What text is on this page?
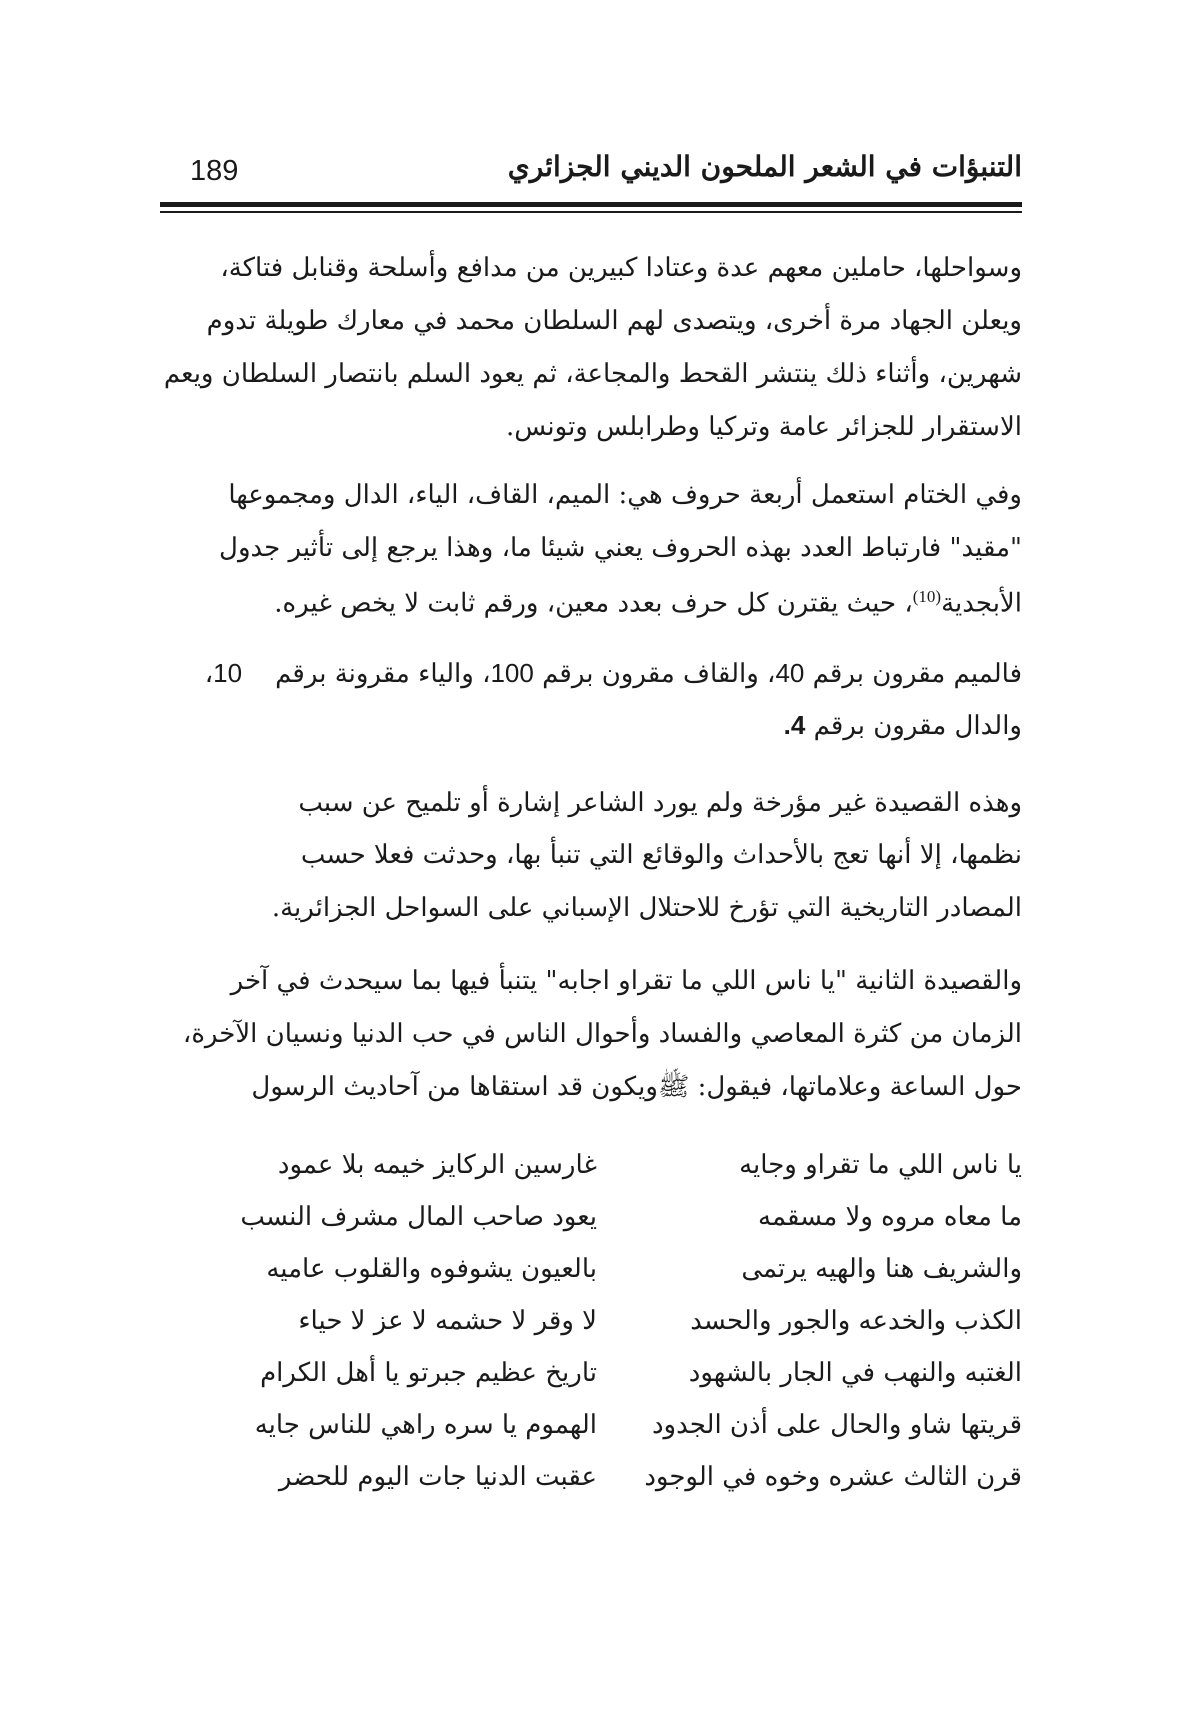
التنبؤات في الشعر الملحون الديني الجزائري
189
وسواحلها، حاملين معهم عدة وعتادا كبيرين من مدافع وأسلحة وقنابل فتاكة،
ويعلن الجهاد مرة أخرى، ويتصدى لهم السلطان محمد في معارك طويلة تدوم
شهرين، وأثناء ذلك ينتشر القحط والمجاعة، ثم يعود السلم بانتصار السلطان ويعم
الاستقرار للجزائر عامة وتركيا وطرابلس وتونس.
وفي الختام استعمل أربعة حروف هي: الميم، القاف، الياء، الدال ومجموعها
"مقيد" فارتباط العدد بهذه الحروف يعني شيئا ما، وهذا يرجع إلى تأثير جدول
الأبجدية$^{(10)}$، حيث يقترن كل حرف بعدد معين، ورقم ثابت لا يخص غيره.
فالميم مقرون برقم 40، والقاف مقرون برقم 100، والياء مقرونة برقم    10،
والدال مقرون برقم 4.
وهذه القصيدة غير مؤرخة ولم يورد الشاعر إشارة أو تلميح عن سبب
نظمها، إلا أنها تعج بالأحداث والوقائع التي تنبأ بها، وحدثت فعلا حسب
المصادر التاريخية التي تؤرخ للاحتلال الإسباني على السواحل الجزائرية.
والقصيدة الثانية "يا ناس اللي ما تقراو اجابه" يتنبأ فيها بما سيحدث في آخر
الزمان من كثرة المعاصي والفساد وأحوال الناس في حب الدنيا ونسيان الآخرة،
حول الساعة وعلاماتها، فيقول: ﷺويكون قد استقاها من آحاديث الرسول
يا ناس اللي ما تقراو وجايه
غارسين الركايز خيمه بلا عمود
ما معاه مروه ولا مسقمه
يعود صاحب المال مشرف النسب
والشريف هنا والهيه يرتمى
بالعيون يشوفوه والقلوب عاميه
الكذب والخدعه والجور والحسد
لا وقر لا حشمه لا عز لا حياء
الغتبه والنهب في الجار بالشهود
تاريخ عظيم جبرتو يا أهل الكرام
قريتها شاو والحال على أذن الجدود
الهموم يا سره راهي للناس جايه
قرن الثالث عشره وخوه في الوجود
عقبت الدنيا جات اليوم للحضر
